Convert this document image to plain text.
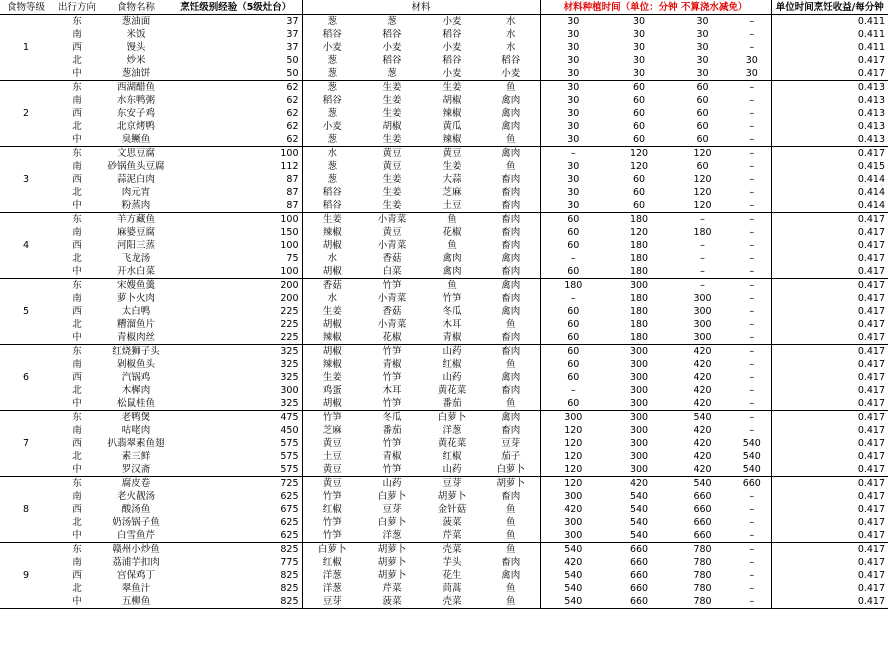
食物等级	出行方向	食物名称	烹饪级别经验（5级灶台）	材料				材料种植时间（单位：分钟 不算浇水减免）				单位时间烹饪收益/每分钟
1	东	葱油面	37	葱	葱	小麦	水	30	30	30	–	0.411
	南	米饭	37	稻谷	稻谷	稻谷	水	30	30	30	–	0.411
	西	馒头	37	小麦	小麦	小麦	水	30	30	30	–	0.411
	北	炒米	50	葱	稻谷	稻谷	稻谷	30	30	30	30	0.417
	中	葱油饼	50	葱	葱	小麦	小麦	30	30	30	30	0.417
2	东	西湖醋鱼	62	葱	生姜	生姜	鱼	30	60	60	–	0.413
	南	水东鸭粥	62	稻谷	生姜	胡椒	禽肉	30	60	60	–	0.413
	西	东安子鸡	62	葱	生姜	辣椒	禽肉	30	60	60	–	0.413
	北	北京烤鸭	62	小麦	胡椒	黄瓜	禽肉	30	60	60	–	0.413
	中	臭鳜鱼	62	葱	生姜	辣椒	鱼	30	60	60	–	0.413
3	东	文思豆腐	100	水	黄豆	黄豆	禽肉	–	120	120	–	0.417
	南	砂锅鱼头豆腐	112	葱	黄豆	生姜	鱼	30	120	60	–	0.415
	西	蒜泥白肉	87	葱	生姜	大蒜	畜肉	30	60	120	–	0.414
	北	肉元宵	87	稻谷	生姜	芝麻	畜肉	30	60	120	–	0.414
	中	粉蒸肉	87	稻谷	生姜	土豆	畜肉	30	60	120	–	0.414
4	东	羊方藏鱼	100	生姜	小青菜	鱼	畜肉	60	180	–	–	0.417
	南	麻婆豆腐	150	辣椒	黄豆	花椒	畜肉	60	120	180	–	0.417
	西	河阳三蒸	100	胡椒	小青菜	鱼	畜肉	60	180	–	–	0.417
	北	飞龙汤	75	水	香菇	禽肉	禽肉	–	180	–	–	0.417
	中	开水白菜	100	胡椒	白菜	禽肉	畜肉	60	180	–	–	0.417
5	东	宋嫂鱼羹	200	香菇	竹笋	鱼	禽肉	180	300	–	–	0.417
	南	萝卜火肉	200	水	小青菜	竹笋	畜肉	–	180	300	–	0.417
	西	太白鸭	225	生姜	香菇	冬瓜	禽肉	60	180	300	–	0.417
	北	糟溜鱼片	225	胡椒	小青菜	木耳	鱼	60	180	300	–	0.417
	中	青椒肉丝	225	辣椒	花椒	青椒	畜肉	60	180	300	–	0.417
6	东	红烧狮子头	325	胡椒	竹笋	山药	畜肉	60	300	420	–	0.417
	南	剁椒鱼头	325	辣椒	青椒	红椒	鱼	60	300	420	–	0.417
	西	汽锅鸡	325	生姜	竹笋	山药	禽肉	60	300	420	–	0.417
	北	木樨肉	300	鸡蛋	木耳	黄花菜	畜肉	–	300	420	–	0.417
	中	松鼠桂鱼	325	胡椒	竹笋	番茄	鱼	60	300	420	–	0.417
7	东	老鸭煲	475	竹笋	冬瓜	白萝卜	禽肉	300	300	540	–	0.417
	南	咕咾肉	450	芝麻	番茄	洋葱	畜肉	120	300	420	–	0.417
	西	扒翡翠素鱼翅	575	黄豆	竹笋	黄花菜	豆芽	120	300	420	540	0.417
	北	素三鲜	575	土豆	青椒	红椒	茄子	120	300	420	540	0.417
	中	罗汉斋	575	黄豆	竹笋	山药	白萝卜	120	300	420	540	0.417
8	东	腐皮卷	725	黄豆	山药	豆芽	胡萝卜	120	420	540	660	0.417
	南	老火靓汤	625	竹笋	白萝卜	胡萝卜	畜肉	300	540	660	–	0.417
	西	酸汤鱼	675	红椒	豆芽	金针菇	鱼	420	540	660	–	0.417
	北	奶汤锅子鱼	625	竹笋	白萝卜	菠菜	鱼	300	540	660	–	0.417
	中	白雪鱼芹	625	竹笋	洋葱	芹菜	鱼	300	540	660	–	0.417
9	东	赣州小炒鱼	825	白萝卜	胡萝卜	壳菜	鱼	540	660	780	–	0.417
	南	荔浦芋扣肉	775	红椒	胡萝卜	芋头	畜肉	420	660	780	–	0.417
	西	宫保鸡丁	825	洋葱	胡萝卜	花生	禽肉	540	660	780	–	0.417
	北	翠鱼汁	825	洋葱	芹菜	茼蒿	鱼	540	660	780	–	0.417
	中	五柳鱼	825	豆芽	菠菜	壳菜	鱼	540	660	780	–	0.417
